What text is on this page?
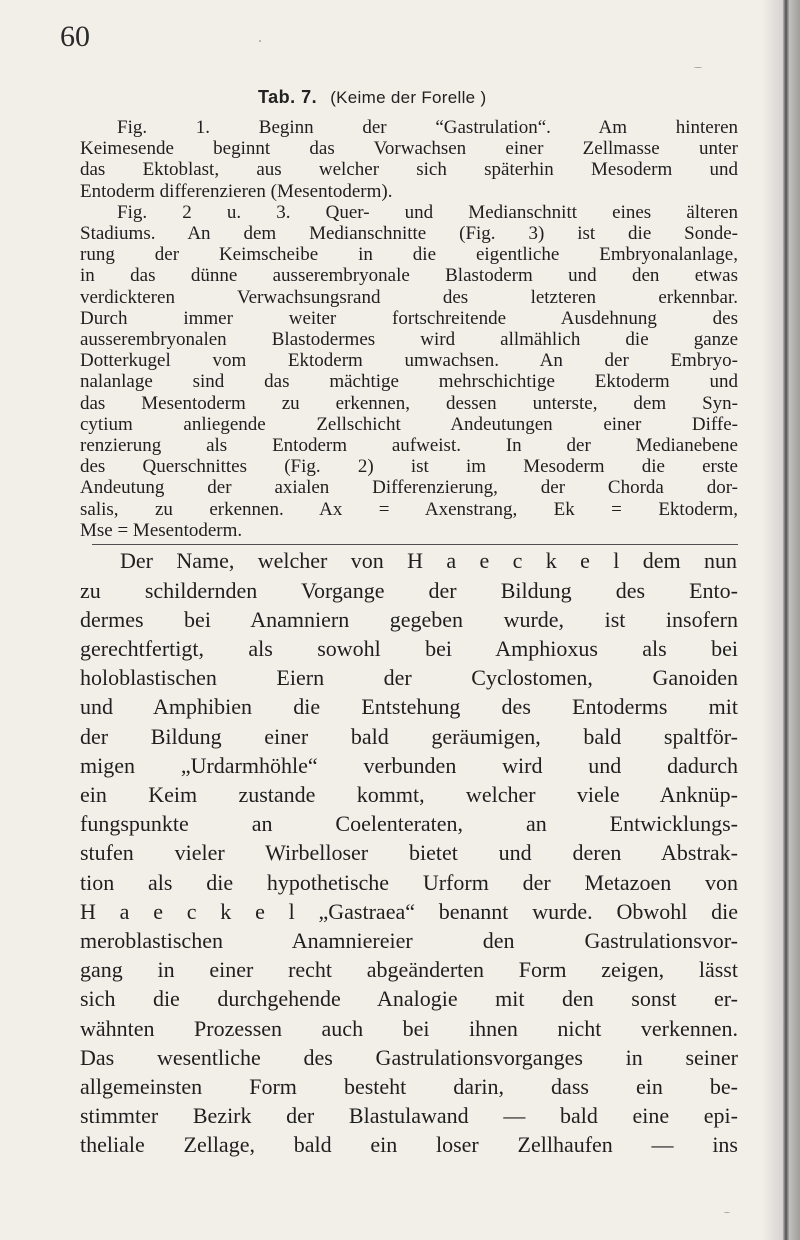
60
Tab. 7. (Keime der Forelle )
Fig. 1. Beginn der “Gastrulation“. Am hinteren
Keimesende beginnt das Vorwachsen einer Zellmasse unter
das Ektoblast, aus welcher sich späterhin Mesoderm und
Entoderm differenzieren (Mesentoderm).
Fig. 2 u. 3. Quer- und Medianschnitt eines älteren
Stadiums. An dem Medianschnitte (Fig. 3) ist die Sonde-
rung der Keimscheibe in die eigentliche Embryonalanlage,
in das dünne ausserembryonale Blastoderm und den etwas
verdickteren Verwachsungsrand des letzteren erkennbar.
Durch immer weiter fortschreitende Ausdehnung des
ausserembryonalen Blastodermes wird allmählich die ganze
Dotterkugel vom Ektoderm umwachsen. An der Embryo-
nalanlage sind das mächtige mehrschichtige Ektoderm und
das Mesentoderm zu erkennen, dessen unterste, dem Syn-
cytium anliegende Zellschicht Andeutungen einer Diffe-
renzierung als Entoderm aufweist. In der Medianebene
des Querschnittes (Fig. 2) ist im Mesoderm die erste
Andeutung der axialen Differenzierung, der Chorda dor-
salis, zu erkennen. Ax = Axenstrang, Ek = Ektoderm,
Mse = Mesentoderm.
Der Name, welcher von H a e c k e l dem nun
zu schildernden Vorgange der Bildung des Ento-
dermes bei Anamniern gegeben wurde, ist insofern
gerechtfertigt, als sowohl bei Amphioxus als bei
holoblastischen Eiern der Cyclostomen, Ganoiden
und Amphibien die Entstehung des Entoderms mit
der Bildung einer bald geräumigen, bald spaltför-
migen „Urdarmhöhle“ verbunden wird und dadurch
ein Keim zustande kommt, welcher viele Anknüp-
fungspunkte an Coelenteraten, an Entwicklungs-
stufen vieler Wirbelloser bietet und deren Abstrak-
tion als die hypothetische Urform der Metazoen von
H a e c k e l „Gastraea“ benannt wurde. Obwohl die
meroblastischen Anamniereier den Gastrulationsvor-
gang in einer recht abgeänderten Form zeigen, lässt
sich die durchgehende Analogie mit den sonst er-
wähnten Prozessen auch bei ihnen nicht verkennen.
Das wesentliche des Gastrulationsvorganges in seiner
allgemeinsten Form besteht darin, dass ein be-
stimmter Bezirk der Blastulawand — bald eine epi-
theliale Zellage, bald ein loser Zellhaufen — ins
